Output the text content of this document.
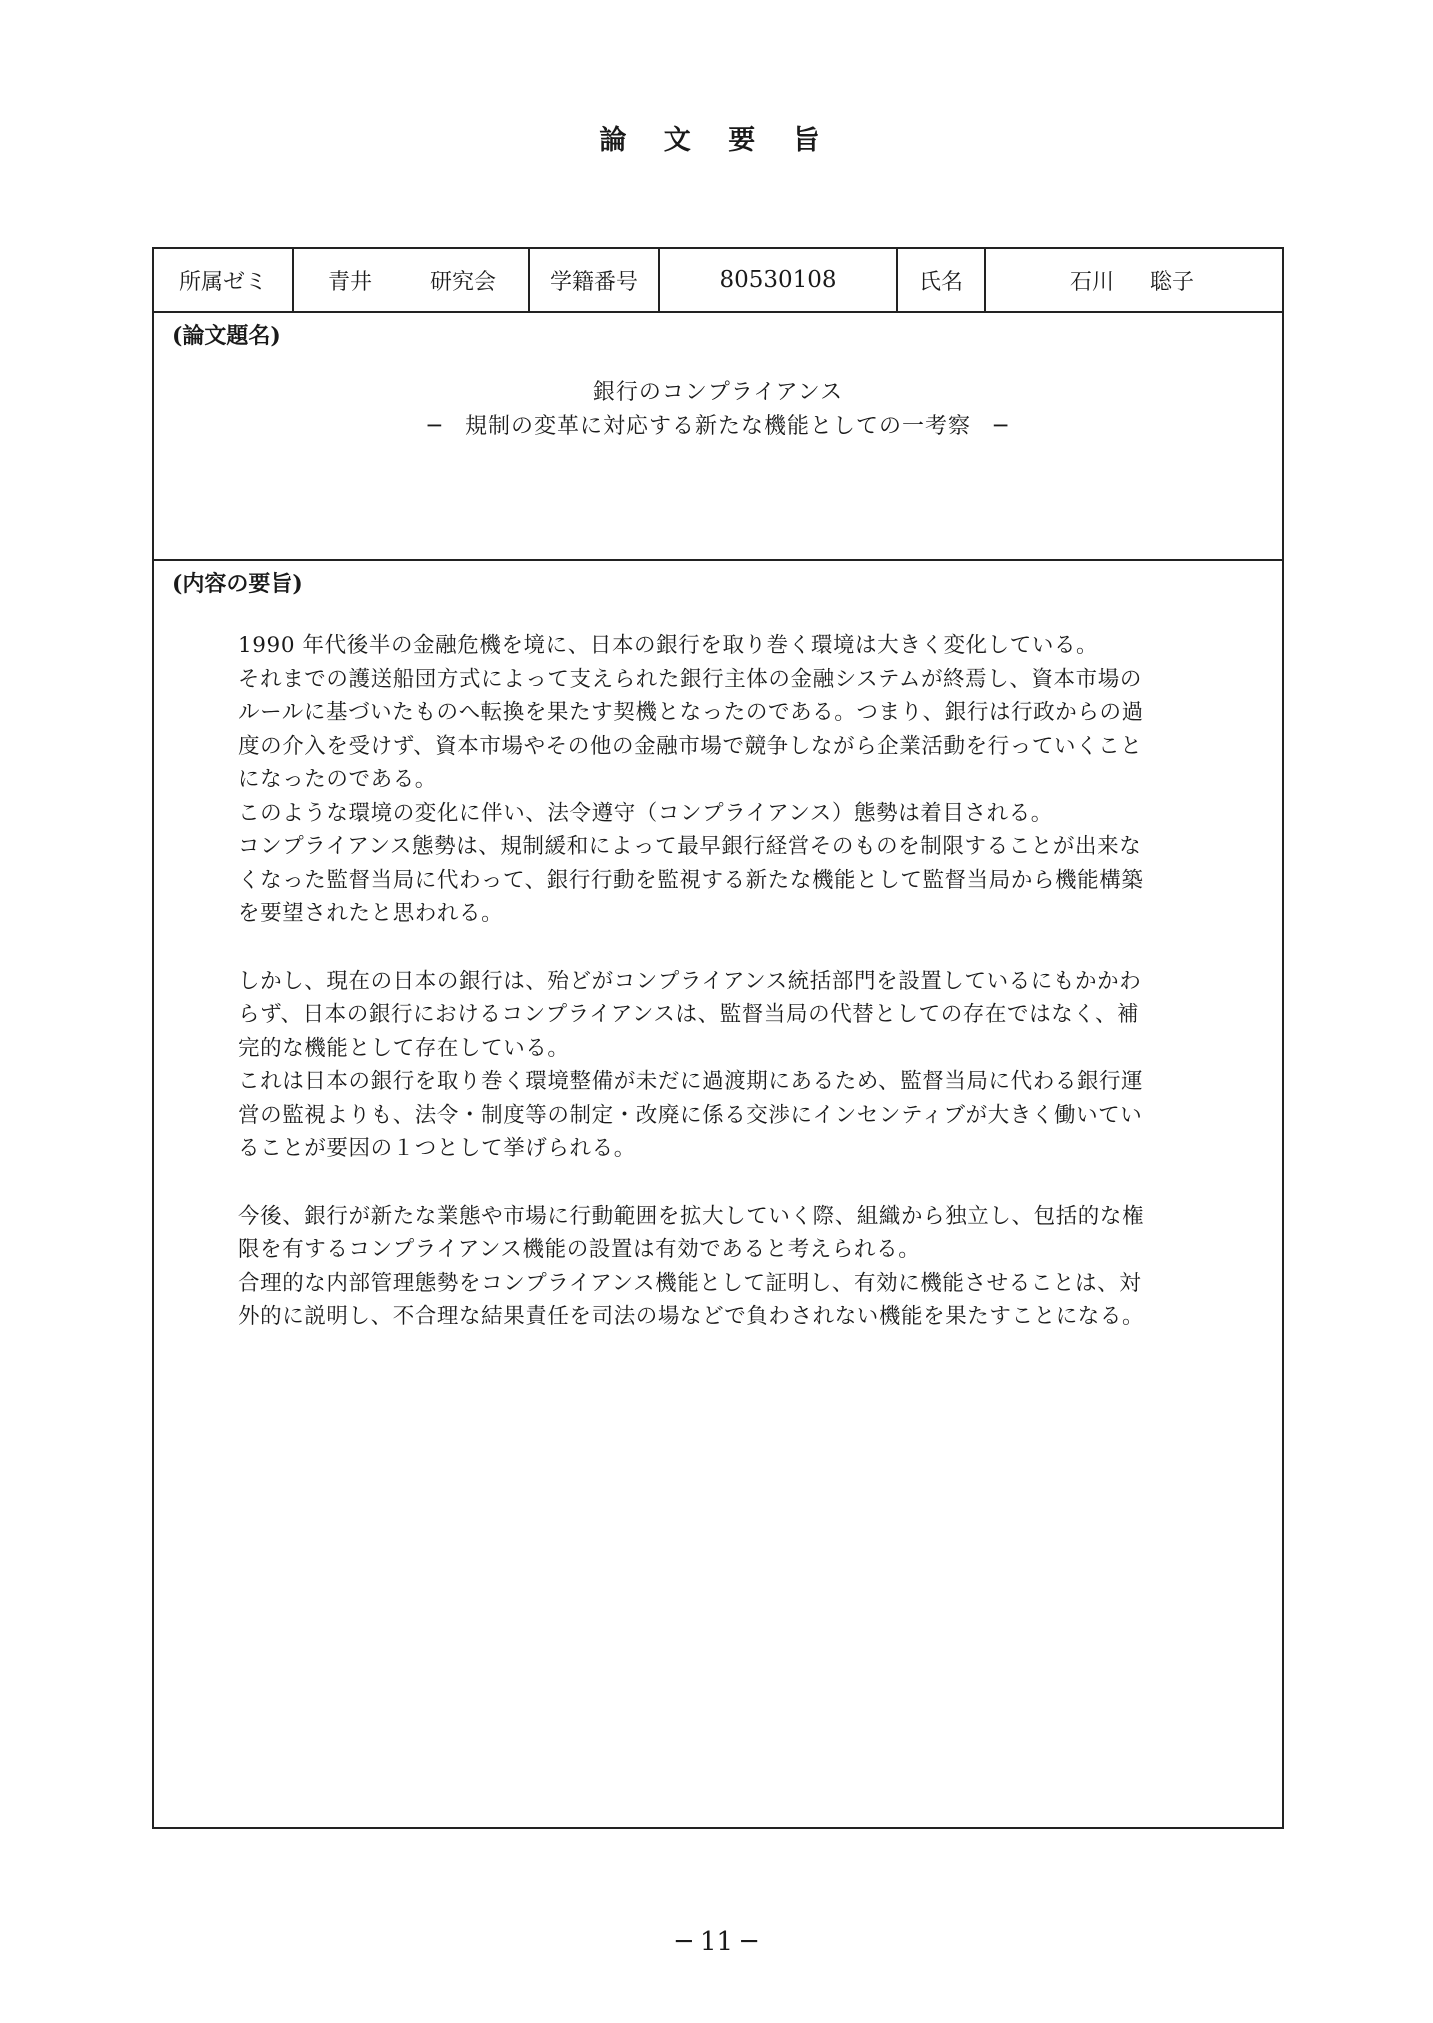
論 文 要 旨
所属ゼミ	青井	研究会	学籍番号	80530108	氏名	石川 聡子
(論文題名)
銀行のコンプライアンス
─　規制の変革に対応する新たな機能としての一考察　─
(内容の要旨)
1990 年代後半の金融危機を境に、日本の銀行を取り巻く環境は大きく変化している。
それまでの護送船団方式によって支えられた銀行主体の金融システムが終焉し、資本市場の
ルールに基づいたものへ転換を果たす契機となったのである。つまり、銀行は行政からの過
度の介入を受けず、資本市場やその他の金融市場で競争しながら企業活動を行っていくこと
になったのである。
このような環境の変化に伴い、法令遵守（コンプライアンス）態勢は着目される。
コンプライアンス態勢は、規制緩和によって最早銀行経営そのものを制限することが出来な
くなった監督当局に代わって、銀行行動を監視する新たな機能として監督当局から機能構築
を要望されたと思われる。
しかし、現在の日本の銀行は、殆どがコンプライアンス統括部門を設置しているにもかかわ
らず、日本の銀行におけるコンプライアンスは、監督当局の代替としての存在ではなく、補
完的な機能として存在している。
これは日本の銀行を取り巻く環境整備が未だに過渡期にあるため、監督当局に代わる銀行運
営の監視よりも、法令・制度等の制定・改廃に係る交渉にインセンティブが大きく働いてい
ることが要因の１つとして挙げられる。
今後、銀行が新たな業態や市場に行動範囲を拡大していく際、組織から独立し、包括的な権
限を有するコンプライアンス機能の設置は有効であると考えられる。
合理的な内部管理態勢をコンプライアンス機能として証明し、有効に機能させることは、対
外的に説明し、不合理な結果責任を司法の場などで負わされない機能を果たすことになる。
─ 11 ─
